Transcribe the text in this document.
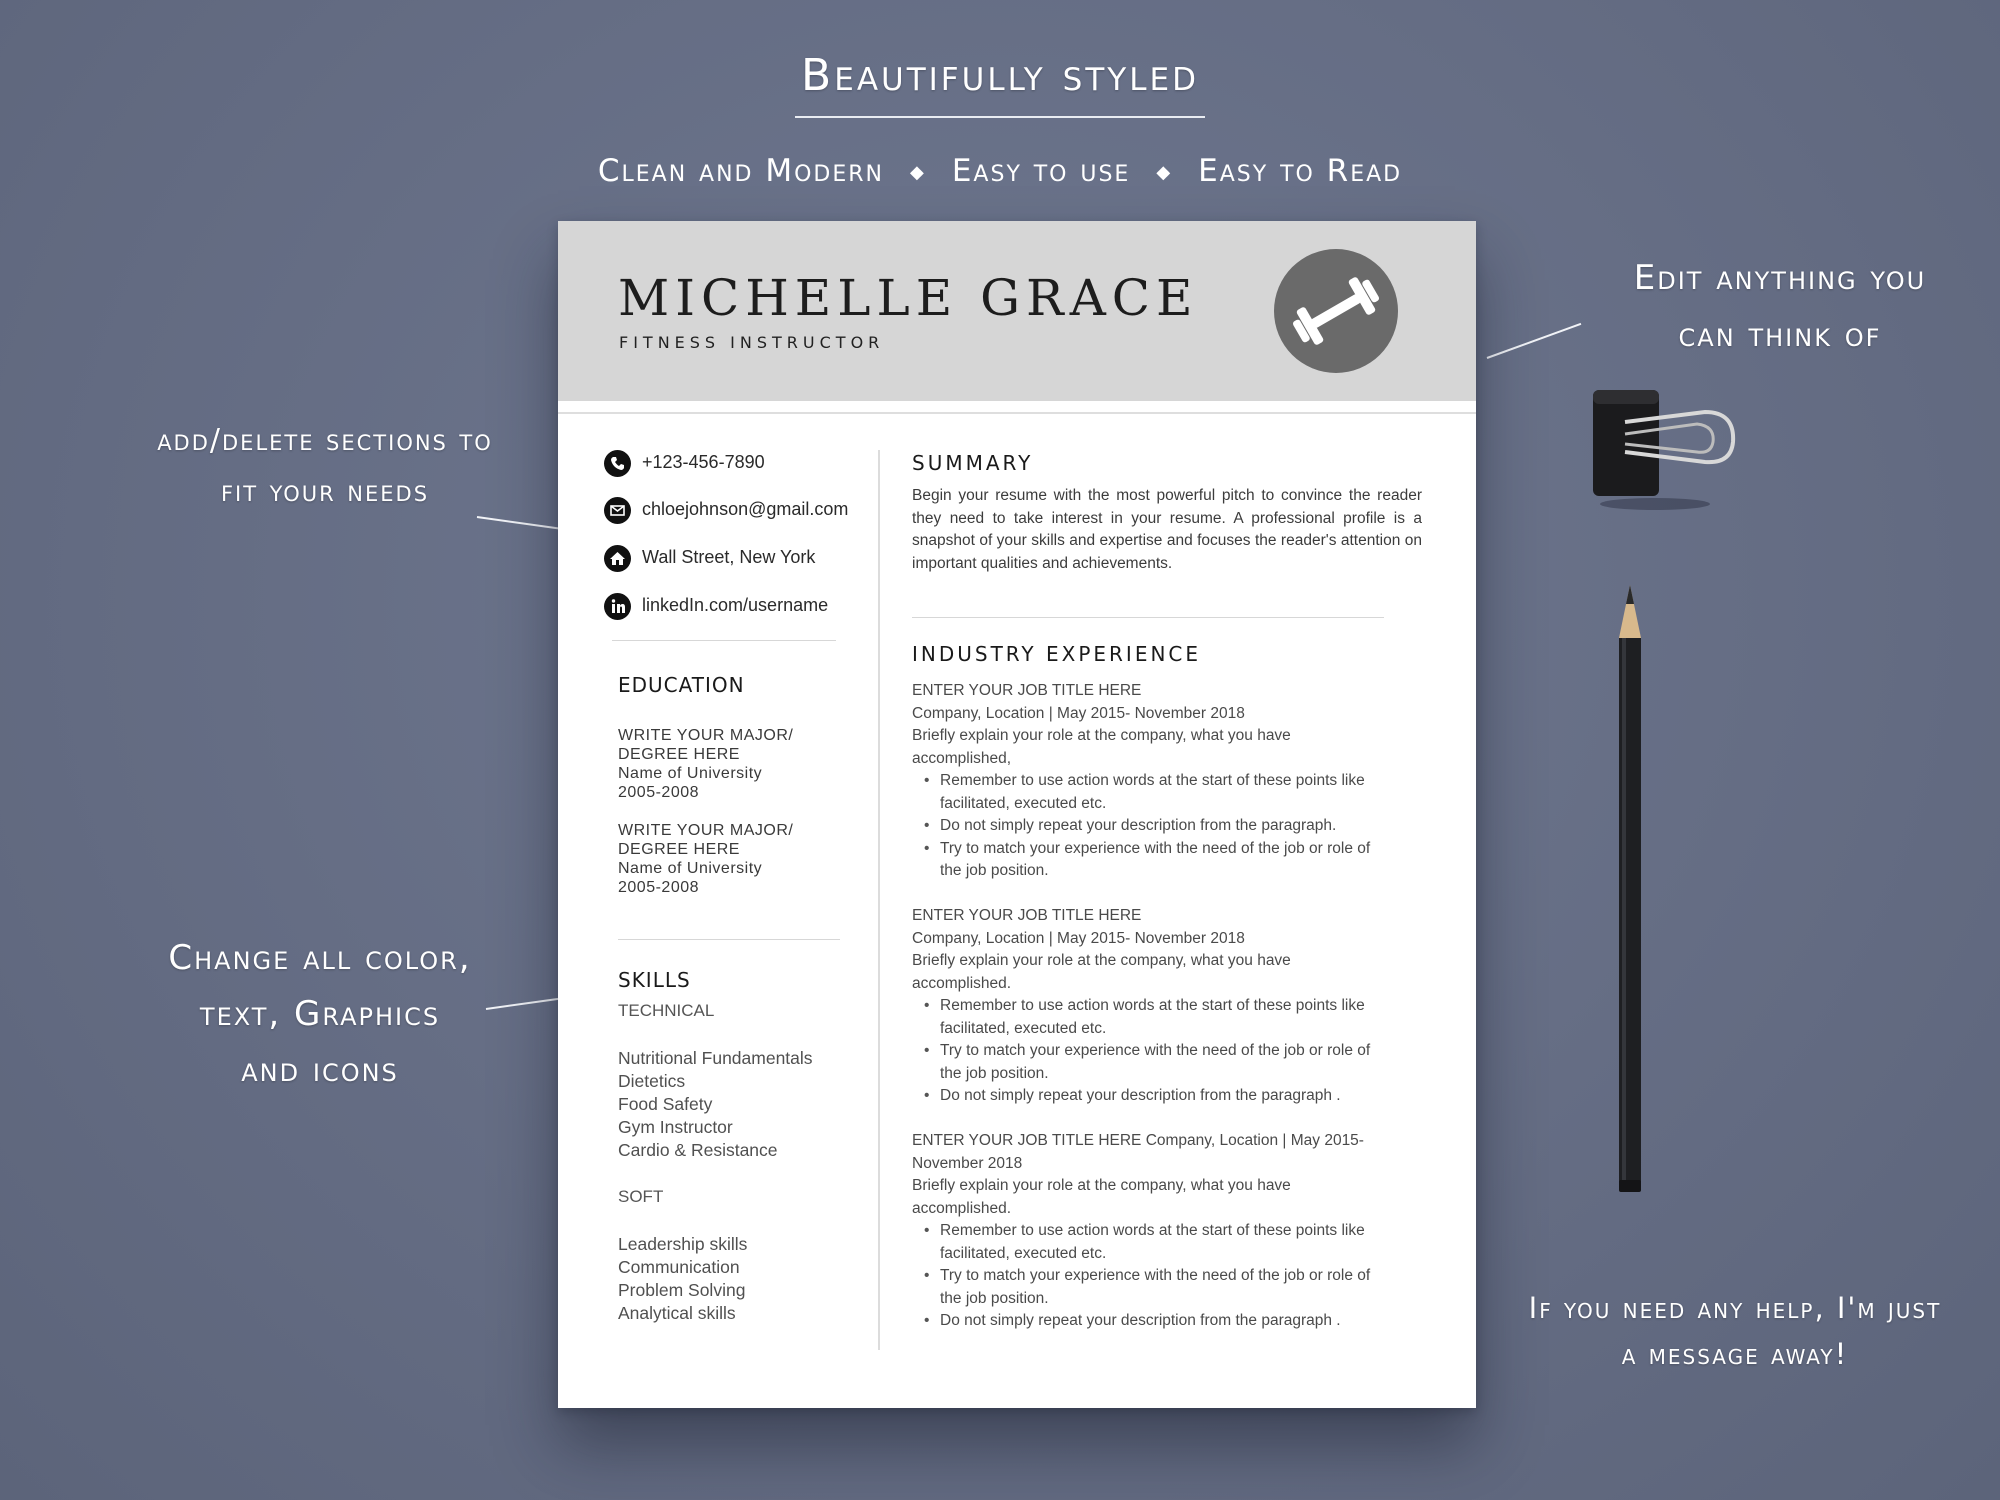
Beautifully styled
Clean and Modern ◆ Easy to use ◆ Easy to Read
Edit anything you
can think of
add/delete sections to
fit your needs
Change all color,
text, Graphics
and icons
If you need any help, I'm just
a message away!
MICHELLE GRACE
FITNESS INSTRUCTOR
+123-456-7890
chloejohnson@gmail.com
Wall Street, New York
linkedIn.com/username
EDUCATION
WRITE YOUR MAJOR/
DEGREE HERE
Name of University
2005-2008
WRITE YOUR MAJOR/
DEGREE HERE
Name of University
2005-2008
SKILLS
TECHNICAL
Nutritional Fundamentals
Dietetics
Food Safety
Gym Instructor
Cardio & Resistance
SOFT
Leadership skills
Communication
Problem Solving
Analytical skills
SUMMARY
Begin your resume with the most powerful pitch to convince the reader they need to take interest in your resume. A professional profile is a snapshot of your skills and expertise and focuses the reader's attention on important qualities and achievements.
INDUSTRY EXPERIENCE
ENTER YOUR JOB TITLE HERE
Company, Location | May 2015- November 2018
Briefly explain your role at the company, what you have
accomplished,
• Remember to use action words at the start of these points like
facilitated, executed etc.
• Do not simply repeat your description from the paragraph.
• Try to match your experience with the need of the job or role of
the job position.
ENTER YOUR JOB TITLE HERE
Company, Location | May 2015- November 2018
Briefly explain your role at the company, what you have
accomplished.
• Remember to use action words at the start of these points like
facilitated, executed etc.
• Try to match your experience with the need of the job or role of
the job position.
• Do not simply repeat your description from the paragraph .
ENTER YOUR JOB TITLE HERE Company, Location | May 2015-
November 2018
Briefly explain your role at the company, what you have
accomplished.
• Remember to use action words at the start of these points like
facilitated, executed etc.
• Try to match your experience with the need of the job or role of
the job position.
• Do not simply repeat your description from the paragraph .
